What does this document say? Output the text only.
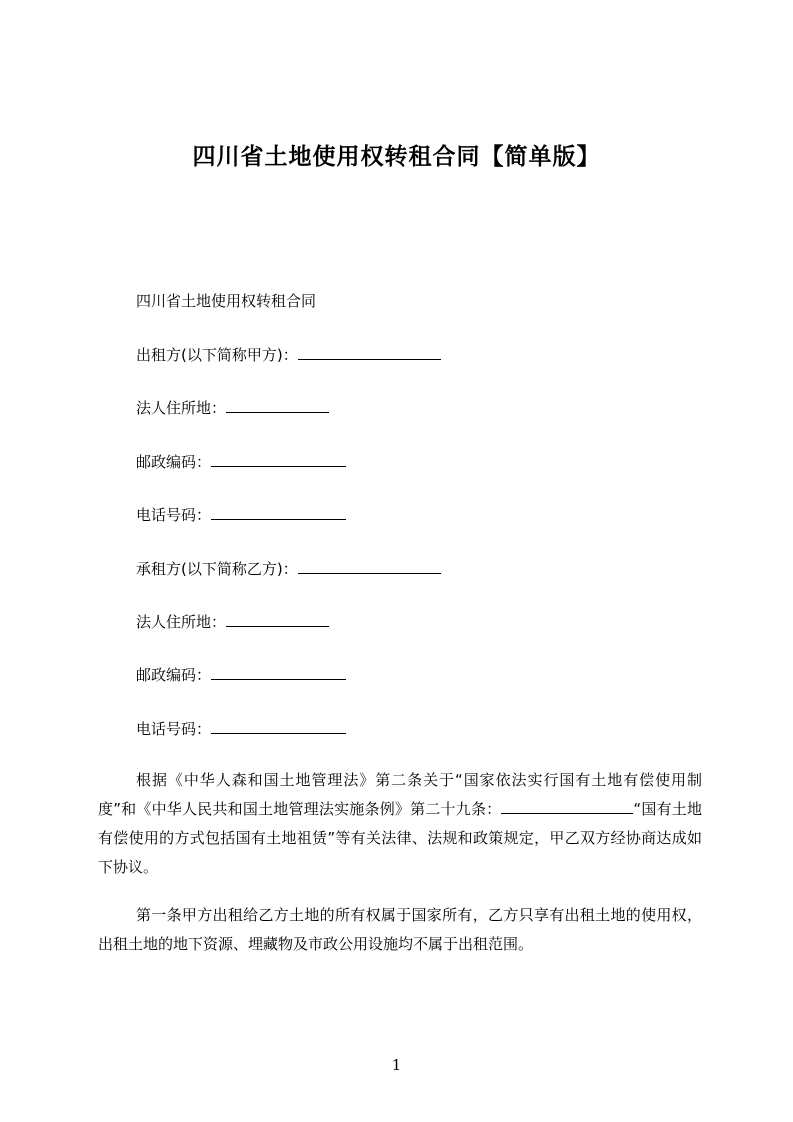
四川省土地使用权转租合同【简单版】
四川省土地使用权转租合同
出租方(以下简称甲方)：
法人住所地：
邮政编码：
电话号码：
承租方(以下简称乙方)：
法人住所地：
邮政编码：
电话号码：

根据《中华人森和国土地管理法》第二条关于“国家依法实行国有土地有偿使用制度”和《中华人民共和国土地管理法实施条例》第二十九条：	“国有土地有偿使用的方式包括国有土地祖赁”等有关法律、法规和政策规定，甲乙双方经协商达成如下协议。

第一条甲方出租给乙方土地的所有权属于国家所有，乙方只享有出租土地的使用权，出租土地的地下资源、埋藏物及市政公用设施均不属于出租范围。

1
